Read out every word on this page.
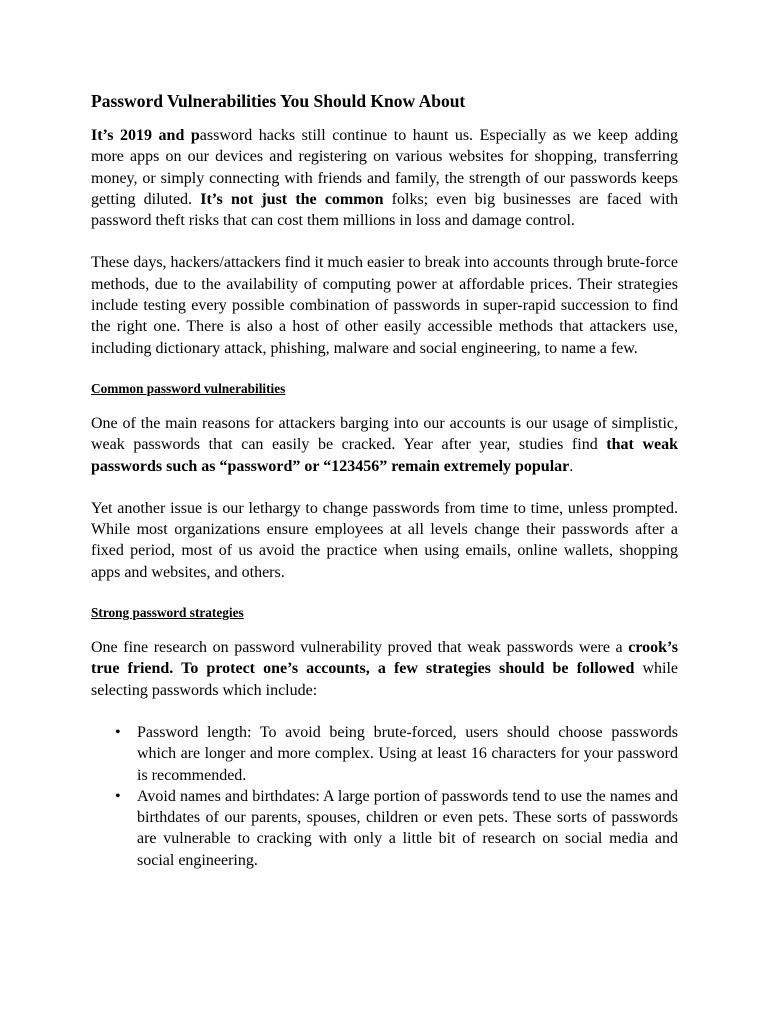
Password Vulnerabilities You Should Know About

It’s 2019 and password hacks still continue to haunt us. Especially as we keep adding more apps on our devices and registering on various websites for shopping, transferring money, or simply connecting with friends and family, the strength of our passwords keeps getting diluted. It’s not just the common folks; even big businesses are faced with password theft risks that can cost them millions in loss and damage control.

These days, hackers/attackers find it much easier to break into accounts through brute-force methods, due to the availability of computing power at affordable prices. Their strategies include testing every possible combination of passwords in super-rapid succession to find the right one. There is also a host of other easily accessible methods that attackers use, including dictionary attack, phishing, malware and social engineering, to name a few.

Common password vulnerabilities

One of the main reasons for attackers barging into our accounts is our usage of simplistic, weak passwords that can easily be cracked. Year after year, studies find that weak passwords such as “password” or “123456” remain extremely popular.

Yet another issue is our lethargy to change passwords from time to time, unless prompted. While most organizations ensure employees at all levels change their passwords after a fixed period, most of us avoid the practice when using emails, online wallets, shopping apps and websites, and others.

Strong password strategies

One fine research on password vulnerability proved that weak passwords were a crook’s true friend. To protect one’s accounts, a few strategies should be followed while selecting passwords which include:

•	Password length: To avoid being brute-forced, users should choose passwords which are longer and more complex. Using at least 16 characters for your password is recommended.
•	Avoid names and birthdates: A large portion of passwords tend to use the names and birthdates of our parents, spouses, children or even pets. These sorts of passwords are vulnerable to cracking with only a little bit of research on social media and social engineering.
